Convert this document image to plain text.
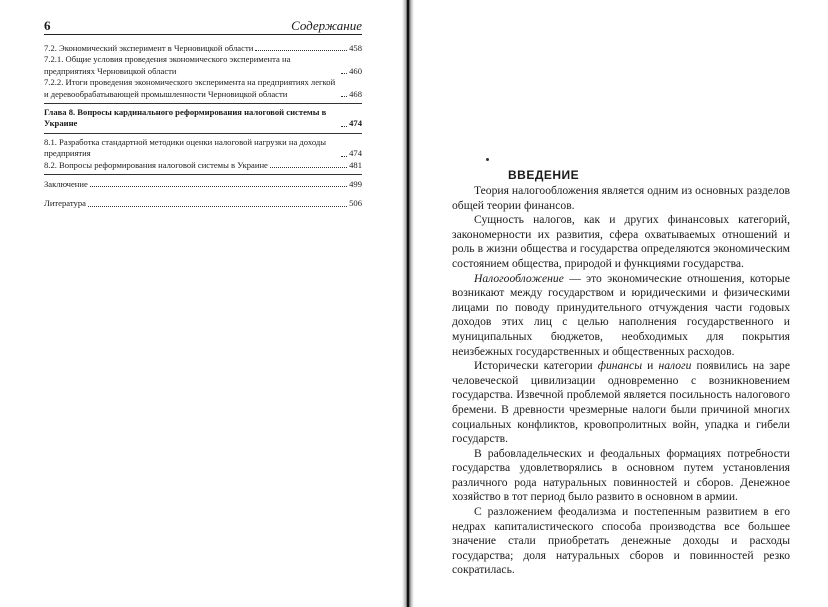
6	Содержание
7.2. Экономический эксперимент в Черновицкой области	458
7.2.1. Общие условия проведения экономического эксперимента на предприятиях Черновицкой области	460
7.2.2. Итоги проведения экономического эксперимента на предприятиях легкой и деревообрабатывающей промышленности Черновицкой области	468
Глава 8. Вопросы кардинального реформирования налоговой системы в Украине	474
8.1. Разработка стандартной методики оценки налоговой нагрузки на доходы предприятия	474
8.2. Вопросы реформирования налоговой системы в Украине	481
Заключение	499
Литература	506
ВВЕДЕНИЕ

Теория налогообложения является одним из основных разделов общей теории финансов.

Сущность налогов, как и других финансовых категорий, закономерности их развития, сфера охватываемых отношений и роль в жизни общества и государства определяются экономическим состоянием общества, природой и функциями государства.

Налогообложение — это экономические отношения, которые возникают между государством и юридическими и физическими лицами по поводу принудительного отчуждения части годовых доходов этих лиц с целью наполнения государственного и муниципальных бюджетов, необходимых для покрытия неизбежных государственных и общественных расходов.

Исторически категории финансы и налоги появились на заре человеческой цивилизации одновременно с возникновением государства. Извечной проблемой является посильность налогового бремени. В древности чрезмерные налоги были причиной многих социальных конфликтов, кровопролитных войн, упадка и гибели государств.

В рабовладельческих и феодальных формациях потребности государства удовлетворялись в основном путем установления различного рода натуральных повинностей и сборов. Денежное хозяйство в тот период было развито в основном в армии.

С разложением феодализма и постепенным развитием в его недрах капиталистического способа производства все большее значение стали приобретать денежные доходы и расходы государства; доля натуральных сборов и повинностей резко сократилась.
